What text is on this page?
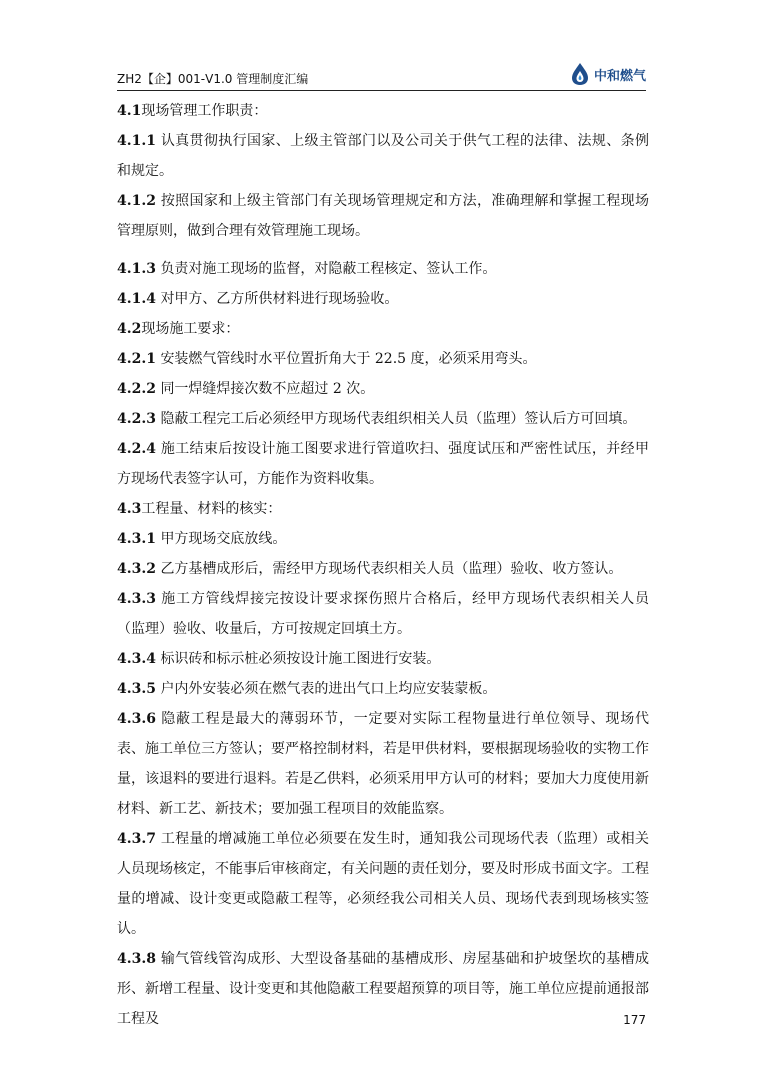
ZH2【企】001-V1.0 管理制度汇编	中和燃气

4.1现场管理工作职责：

4.1.1 认真贯彻执行国家、上级主管部门以及公司关于供气工程的法律、法规、条例和规定。

4.1.2 按照国家和上级主管部门有关现场管理规定和方法，准确理解和掌握工程现场管理原则，做到合理有效管理施工现场。

4.1.3 负责对施工现场的监督，对隐蔽工程核定、签认工作。

4.1.4 对甲方、乙方所供材料进行现场验收。

4.2现场施工要求：

4.2.1 安装燃气管线时水平位置折角大于 22.5 度，必须采用弯头。

4.2.2 同一焊缝焊接次数不应超过 2 次。

4.2.3 隐蔽工程完工后必须经甲方现场代表组织相关人员（监理）签认后方可回填。

4.2.4 施工结束后按设计施工图要求进行管道吹扫、强度试压和严密性试压，并经甲方现场代表签字认可，方能作为资料收集。

4.3工程量、材料的核实：

4.3.1 甲方现场交底放线。

4.3.2 乙方基槽成形后，需经甲方现场代表织相关人员（监理）验收、收方签认。

4.3.3 施工方管线焊接完按设计要求探伤照片合格后，经甲方现场代表织相关人员（监理）验收、收量后，方可按规定回填土方。

4.3.4 标识砖和标示桩必须按设计施工图进行安装。

4.3.5 户内外安装必须在燃气表的进出气口上均应安装蒙板。

4.3.6 隐蔽工程是最大的薄弱环节，一定要对实际工程物量进行单位领导、现场代表、施工单位三方签认；要严格控制材料，若是甲供材料，要根据现场验收的实物工作量，该退料的要进行退料。若是乙供料，必须采用甲方认可的材料；要加大力度使用新材料、新工艺、新技术；要加强工程项目的效能监察。

4.3.7 工程量的增减施工单位必须要在发生时，通知我公司现场代表（监理）或相关人员现场核定，不能事后审核商定，有关问题的责任划分，要及时形成书面文字。工程量的增减、设计变更或隐蔽工程等，必须经我公司相关人员、现场代表到现场核实签认。

4.3.8 输气管线管沟成形、大型设备基础的基槽成形、房屋基础和护坡堡坎的基槽成形、新增工程量、设计变更和其他隐蔽工程要超预算的项目等，施工单位应提前通报部工程及	177
